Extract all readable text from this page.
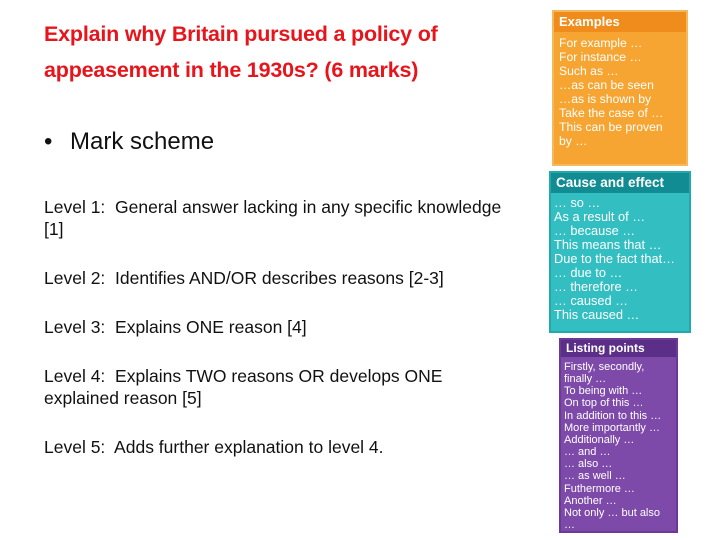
Explain why Britain pursued a policy of appeasement in the 1930s? (6 marks)
• Mark scheme
Level 1:  General answer lacking in any specific knowledge [1]
Level 2:  Identifies AND/OR describes reasons [2-3]
Level 3:  Explains ONE reason [4]
Level 4:  Explains TWO reasons OR develops ONE explained reason [5]
Level 5:  Adds further explanation to level 4.
Examples
For example …
For instance …
Such as …
…as can be seen
…as is shown by
Take the case of …
This can be proven
by …
Cause and effect
… so …
As a result of …
… because …
This means that …
Due to the fact that…
… due to …
… therefore …
… caused …
This caused …
Listing points
Firstly, secondly,
finally …
To being with …
On top of this …
In addition to this …
More importantly …
Additionally …
… and …
… also …
… as well …
Futhermore …
Another …
Not only … but also
…
